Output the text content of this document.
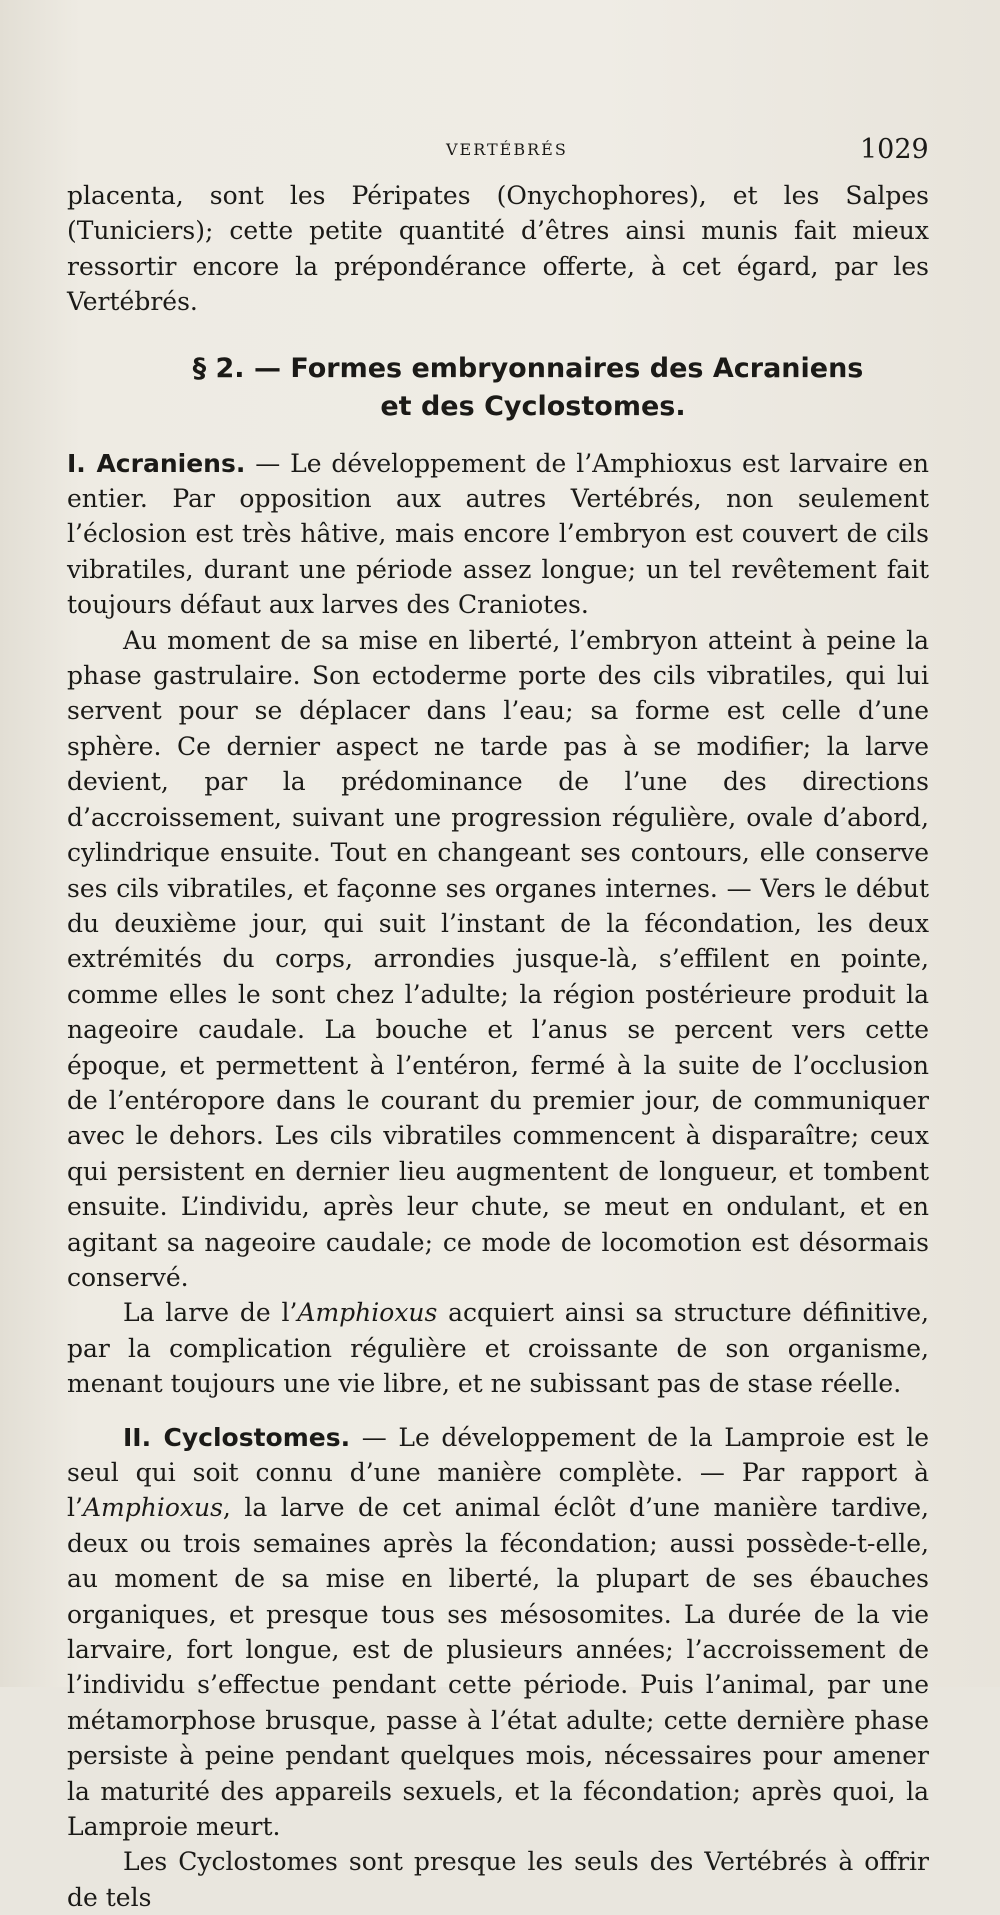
VERTÉBRÉS	1029

placenta, sont les Péripates (Onychophores), et les Salpes (Tuniciers); cette petite quantité d’êtres ainsi munis fait mieux ressortir encore la prépondérance offerte, à cet égard, par les Vertébrés.

§ 2. — Formes embryonnaires des Acraniens
et des Cyclostomes.

I. Acraniens. — Le développement de l’Amphioxus est larvaire en entier. Par opposition aux autres Vertébrés, non seulement l’éclosion est très hâtive, mais encore l’embryon est couvert de cils vibratiles, durant une période assez longue; un tel revêtement fait toujours défaut aux larves des Craniotes.

Au moment de sa mise en liberté, l’embryon atteint à peine la phase gastrulaire. Son ectoderme porte des cils vibratiles, qui lui servent pour se déplacer dans l’eau; sa forme est celle d’une sphère. Ce dernier aspect ne tarde pas à se modifier; la larve devient, par la prédominance de l’une des directions d’accroissement, suivant une progression régulière, ovale d’abord, cylindrique ensuite. Tout en changeant ses contours, elle conserve ses cils vibratiles, et façonne ses organes internes. — Vers le début du deuxième jour, qui suit l’instant de la fécondation, les deux extrémités du corps, arrondies jusque-là, s’effilent en pointe, comme elles le sont chez l’adulte; la région postérieure produit la nageoire caudale. La bouche et l’anus se percent vers cette époque, et permettent à l’entéron, fermé à la suite de l’occlusion de l’entéropore dans le courant du premier jour, de communiquer avec le dehors. Les cils vibratiles commencent à disparaître; ceux qui persistent en dernier lieu augmentent de longueur, et tombent ensuite. L’individu, après leur chute, se meut en ondulant, et en agitant sa nageoire caudale; ce mode de locomotion est désormais conservé.

La larve de l’Amphioxus acquiert ainsi sa structure définitive, par la complication régulière et croissante de son organisme, menant toujours une vie libre, et ne subissant pas de stase réelle.

II. Cyclostomes. — Le développement de la Lamproie est le seul qui soit connu d’une manière complète. — Par rapport à l’Amphioxus, la larve de cet animal éclôt d’une manière tardive, deux ou trois semaines après la fécondation; aussi possède-t-elle, au moment de sa mise en liberté, la plupart de ses ébauches organiques, et presque tous ses mésosomites. La durée de la vie larvaire, fort longue, est de plusieurs années; l’accroissement de l’individu s’effectue pendant cette période. Puis l’animal, par une métamorphose brusque, passe à l’état adulte; cette dernière phase persiste à peine pendant quelques mois, nécessaires pour amener la maturité des appareils sexuels, et la fécondation; après quoi, la Lamproie meurt.

Les Cyclostomes sont presque les seuls des Vertébrés à offrir de tels
